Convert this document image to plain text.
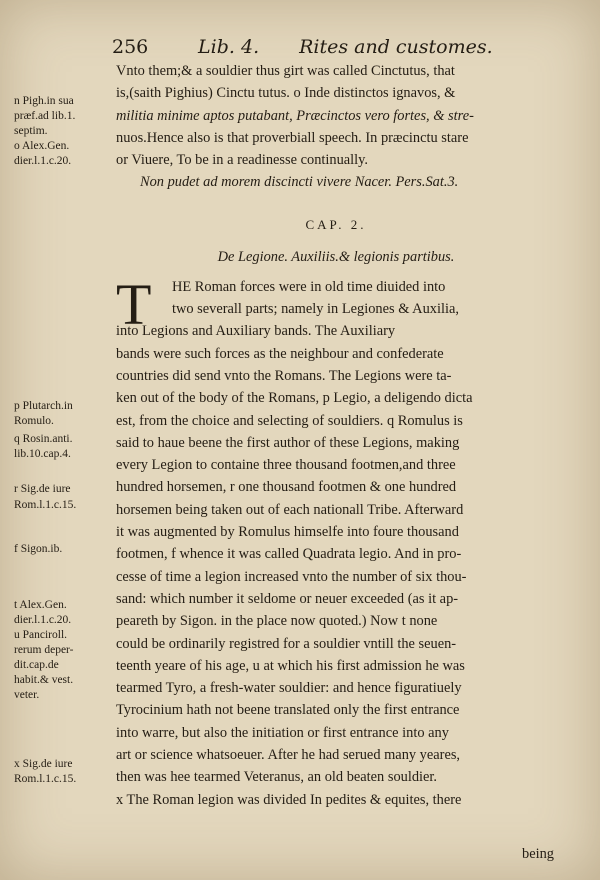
256	Lib. 4. Rites and customes.
n Pigh.in sua
præf.ad lib.1.
septim.
o Alex.Gen.
dier.l.1.c.20.
p Plutarch.in
Romulo.
q Rosin.anti.
lib.10.cap.4.
r Sig.de iure
Rom.l.1.c.15.
f Sigon.ib.
t Alex.Gen.
dier.l.1.c.20.
u Panciroll.
rerum deper-
dit.cap.de
habit.& vest.
veter.
x Sig.de iure
Rom.l.1.c.15.
Vnto them;& a souldier thus girt was called Cinctutus, that
is,(saith Pighius) Cinctu tutus. o Inde distinctos ignavos, &
militia minime aptos putabant, Præcinctos vero fortes, & stre-
nuos.Hence also is that proverbiall speech. In præcinctu stare
or Viuere, To be in a readinesse continually.
Non pudet ad morem discincti vivere Nacer. Pers.Sat.3.
CAP. 2.
De Legione. Auxiliis.& legionis partibus.
T	HE Roman forces were in old time diuided into
two severall parts; namely in Legiones & Auxilia,
into Legions and Auxiliary bands. The Auxiliary
bands were such forces as the neighbour and confederate
countries did send vnto the Romans. The Legions were ta-
ken out of the body of the Romans, p Legio, a deligendo dicta
est, from the choice and selecting of souldiers. q Romulus is
said to haue beene the first author of these Legions, making
every Legion to containe three thousand footmen,and three
hundred horsemen, r one thousand footmen & one hundred
horsemen being taken out of each nationall Tribe. Afterward
it was augmented by Romulus himselfe into foure thousand
footmen, f whence it was called Quadrata legio. And in pro-
cesse of time a legion increased vnto the number of six thou-
sand: which number it seldome or neuer exceeded (as it ap-
peareth by Sigon. in the place now quoted.) Now t none
could be ordinarily registred for a souldier vntill the seuen-
teenth yeare of his age, u at which his first admission he was
tearmed Tyro, a fresh-water souldier: and hence figuratiuely
Tyrocinium hath not beene translated only the first entrance
into warre, but also the initiation or first entrance into any
art or science whatsoeuer. After he had serued many yeares,
then was hee tearmed Veteranus, an old beaten souldier.
x The Roman legion was divided In pedites & equites, there
being
